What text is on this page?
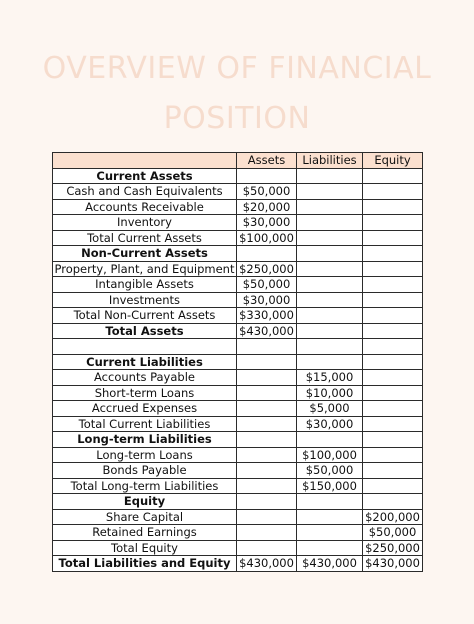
OVERVIEW OF FINANCIAL
POSITION
	Assets	Liabilities	Equity
Current Assets			
Cash and Cash Equivalents	$50,000		
Accounts Receivable	$20,000		
Inventory	$30,000		
Total Current Assets	$100,000		
Non-Current Assets			
Property, Plant, and Equipment	$250,000		
Intangible Assets	$50,000		
Investments	$30,000		
Total Non-Current Assets	$330,000		
Total Assets	$430,000		

Current Liabilities			
Accounts Payable		$15,000	
Short-term Loans		$10,000	
Accrued Expenses		$5,000	
Total Current Liabilities		$30,000	
Long-term Liabilities			
Long-term Loans		$100,000	
Bonds Payable		$50,000	
Total Long-term Liabilities		$150,000	
Equity			
Share Capital			$200,000
Retained Earnings			$50,000
Total Equity			$250,000
Total Liabilities and Equity	$430,000	$430,000	$430,000
